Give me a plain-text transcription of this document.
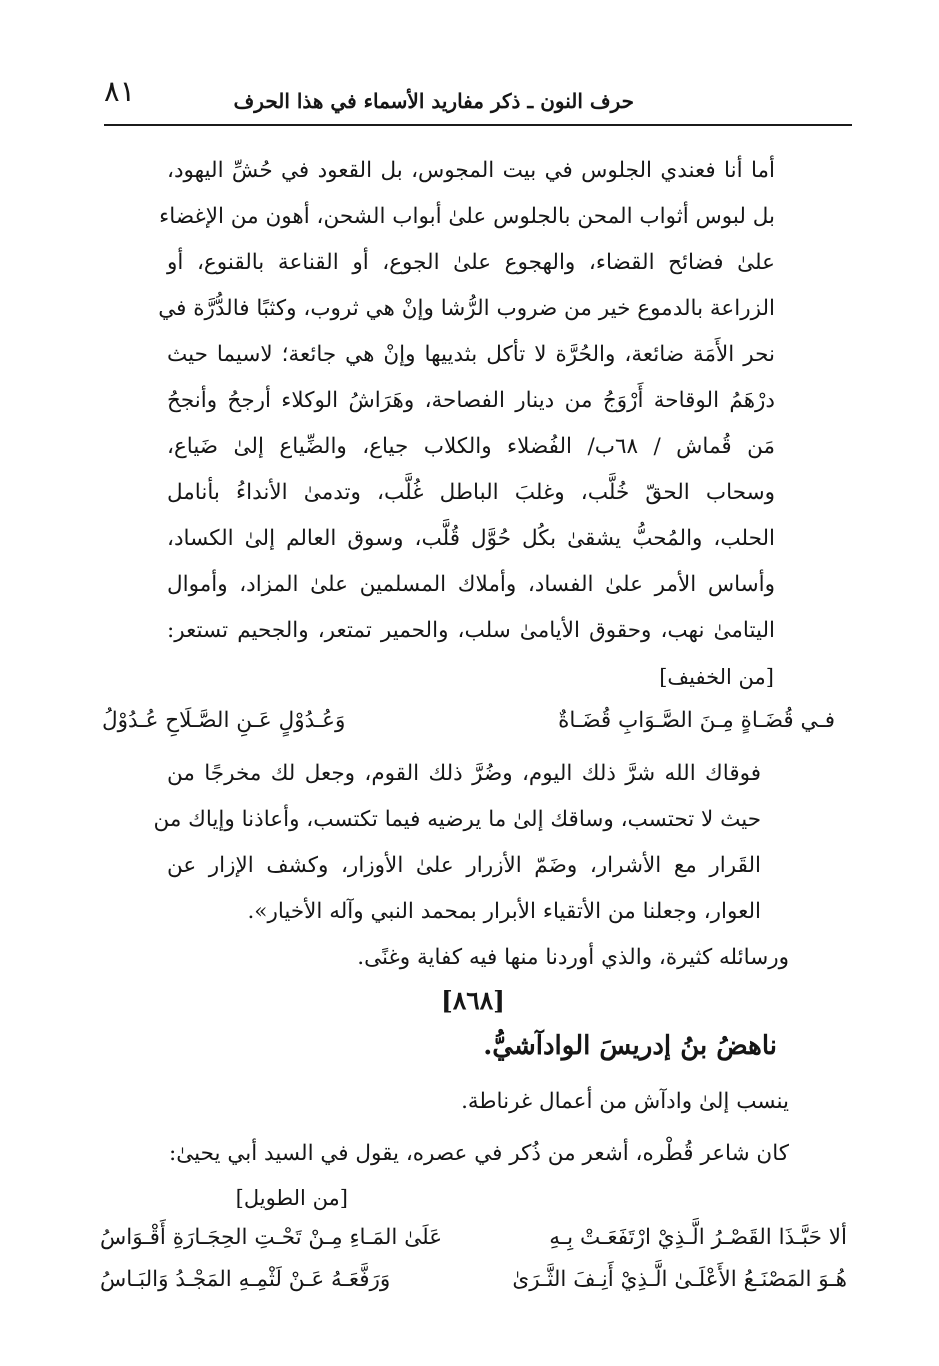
٨١	حرف النون ـ ذكر مفاريد الأسماء في هذا الحرف
أما أنا فعندي الجلوس في بيت المجوس، بل القعود في حُشِّ اليهود،
بل لبوس أثواب المحن بالجلوس علىٰ أبواب الشحن، أهون من الإغضاء
علىٰ فضائح القضاء، والهجوع علىٰ الجوع، أو القناعة بالقنوع، أو
الزراعة بالدموع خير من ضروب الرُّشا وإنْ هي ثروب، وكثبًا فالدُّرَّة في
نحر الأَمَة ضائعة، والحُرَّة لا تأكل بثدييها وإنْ هي جائعة؛ لاسيما حيث
درْهَمُ الوقاحة أَرْوَجُ من دينار الفصاحة، وهَرَاشُ الوكلاء أرجحُ وأنجحُ
مَن قُماش / ٦٨ب/ الفُضلاء والكلاب جياع، والضِّياع إلىٰ ضَياع،
وسحاب الحقّ خُلَّب، وغلبَ الباطل غُلَّب، وتدمىٰ الأنداءُ بأنامل
الحلب، والمُحبُّ يشقىٰ بكُل حُوَّل قُلَّب، وسوق العالم إلىٰ الكساد،
وأساس الأمر علىٰ الفساد، وأملاك المسلمين علىٰ المزاد، وأموال
اليتامىٰ نهب، وحقوق الأيامىٰ سلب، والحمير تمتعر، والجحيم تستعر:
[من الخفيف]
فـي قُضَـاةٍ مِـنَ الصَّـوَابِ قُضَـاةٌ
وَعُـدُوْلٍ عَـنِ الصَّـلَاحِ عُـدُوْلُ
فوقاك الله شرَّ ذلك اليوم، وضُرَّ ذلك القوم، وجعل لك مخرجًا من
حيث لا تحتسب، وساقك إلىٰ ما يرضيه فيما تكتسب، وأعاذنا وإياك من
القَرار مع الأشرار، وضَمّ الأزرار علىٰ الأوزار، وكشف الإزار عن
العوار، وجعلنا من الأتقياء الأبرار بمحمد النبي وآله الأخيار».
ورسائله كثيرة، والذي أوردنا منها فيه كفاية وغنًى.
[٨٦٨]
ناهضُ بنُ إدريسَ الوادآشيُّ.
ينسب إلىٰ وادآش من أعمال غرناطة.
كان شاعر قُطْره، أشعر من ذُكر في عصره، يقول في السيد أبي يحيىٰ:
[من الطويل]
ألا حَبَّـذَا القَصْـرُ الَّـذِيْ ارْتَفَعَـتْ بِـهِ
عَلَىٰ المَـاءِ مِـنْ تَحْـتِ الحِجَـارَةِ أَقْـوَاسُ
هُـوَ المَصْنَـعُ الأَعْلَـىٰ الَّـذِيْ أَنِـفَ الثَّـرَىٰ
وَرَفَّعَـهُ عَـنْ لَثْمِـهِ المَجْـدُ وَالبَـاسُ
